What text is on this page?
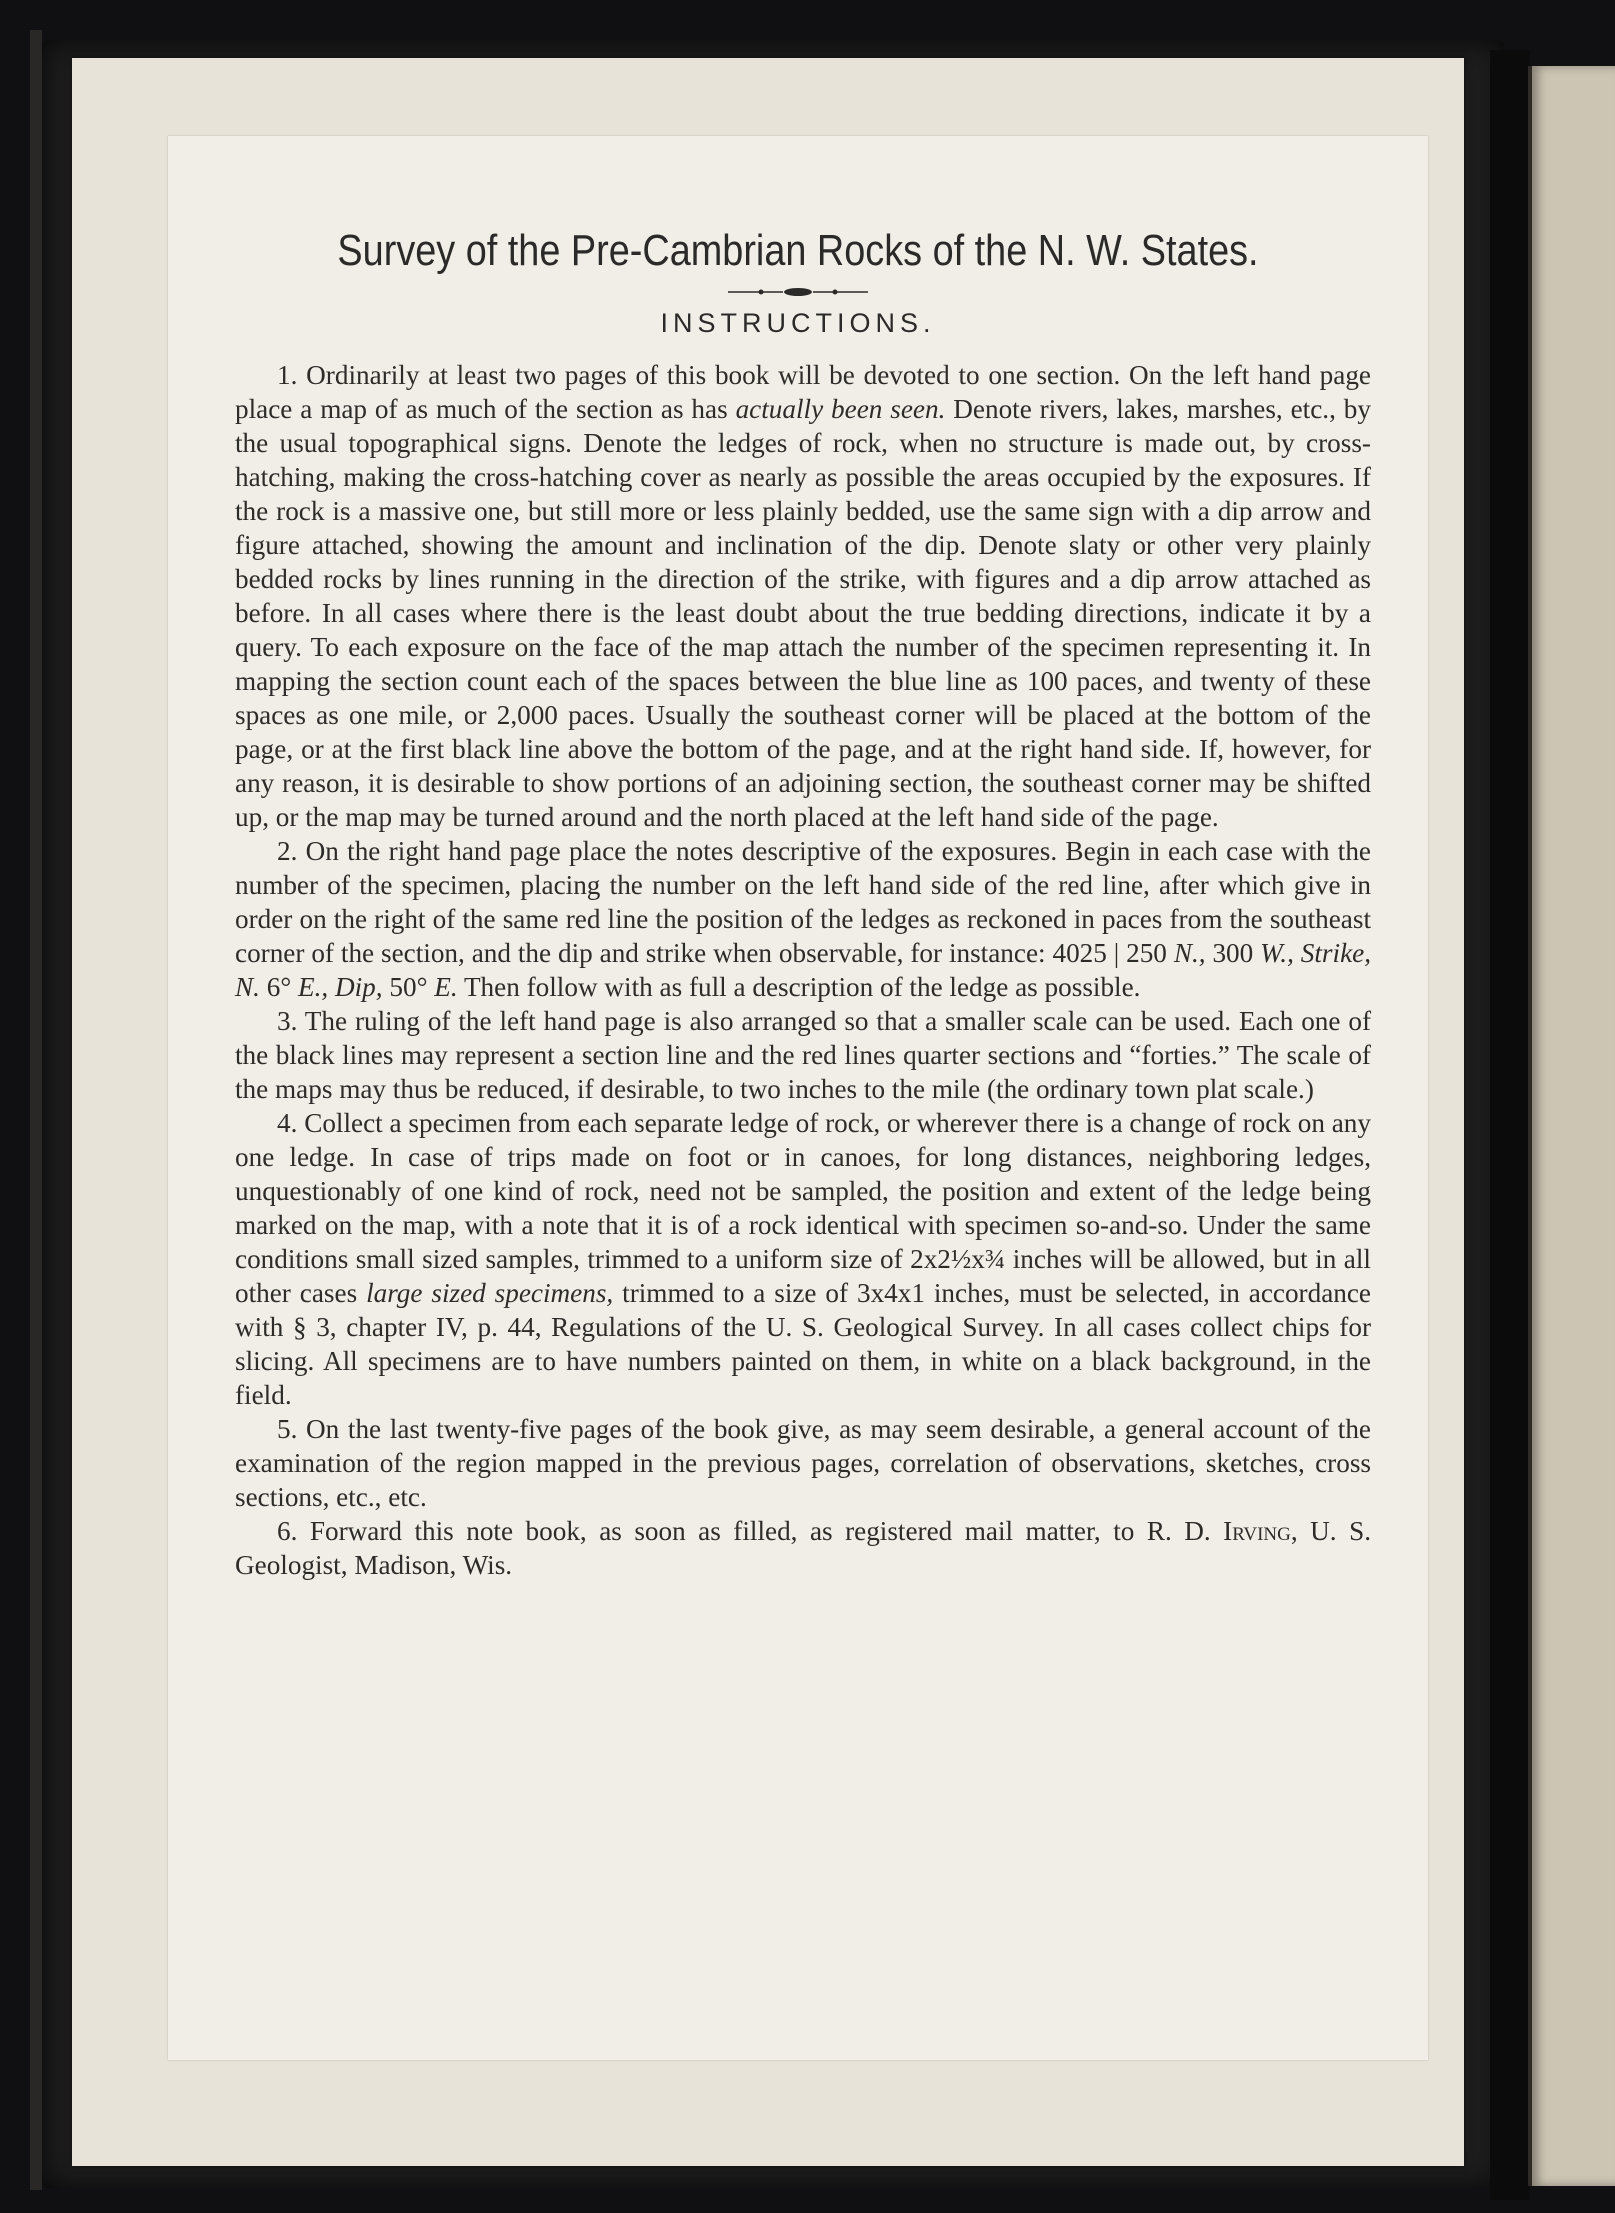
Survey of the Pre-Cambrian Rocks of the N. W. States.
INSTRUCTIONS.

1. Ordinarily at least two pages of this book will be devoted to one section. On the left hand page place a map of as much of the section as has actually been seen. Denote rivers, lakes, marshes, etc., by the usual topographical signs. Denote the ledges of rock, when no structure is made out, by cross-hatching, making the cross-hatching cover as nearly as possible the areas occupied by the exposures. If the rock is a massive one, but still more or less plainly bedded, use the same sign with a dip arrow and figure attached, showing the amount and inclination of the dip. Denote slaty or other very plainly bedded rocks by lines running in the direction of the strike, with figures and a dip arrow attached as before. In all cases where there is the least doubt about the true bedding directions, indicate it by a query. To each exposure on the face of the map attach the number of the specimen representing it. In mapping the section count each of the spaces between the blue line as 100 paces, and twenty of these spaces as one mile, or 2,000 paces. Usually the southeast corner will be placed at the bottom of the page, or at the first black line above the bottom of the page, and at the right hand side. If, however, for any reason, it is desirable to show portions of an adjoining section, the southeast corner may be shifted up, or the map may be turned around and the north placed at the left hand side of the page.

2. On the right hand page place the notes descriptive of the exposures. Begin in each case with the number of the specimen, placing the number on the left hand side of the red line, after which give in order on the right of the same red line the position of the ledges as reckoned in paces from the southeast corner of the section, and the dip and strike when observable, for instance: 4025 | 250 N., 300 W., Strike, N. 6° E., Dip, 50° E. Then follow with as full a description of the ledge as possible.

3. The ruling of the left hand page is also arranged so that a smaller scale can be used. Each one of the black lines may represent a section line and the red lines quarter sections and “forties.” The scale of the maps may thus be reduced, if desirable, to two inches to the mile (the ordinary town plat scale.)

4. Collect a specimen from each separate ledge of rock, or wherever there is a change of rock on any one ledge. In case of trips made on foot or in canoes, for long distances, neighboring ledges, unquestionably of one kind of rock, need not be sampled, the position and extent of the ledge being marked on the map, with a note that it is of a rock identical with specimen so-and-so. Under the same conditions small sized samples, trimmed to a uniform size of 2x2½x¾ inches will be allowed, but in all other cases large sized specimens, trimmed to a size of 3x4x1 inches, must be selected, in accordance with § 3, chapter IV, p. 44, Regulations of the U. S. Geological Survey. In all cases collect chips for slicing. All specimens are to have numbers painted on them, in white on a black background, in the field.

5. On the last twenty-five pages of the book give, as may seem desirable, a general account of the examination of the region mapped in the previous pages, correlation of observations, sketches, cross sections, etc., etc.

6. Forward this note book, as soon as filled, as registered mail matter, to R. D. Irving, U. S. Geologist, Madison, Wis.
